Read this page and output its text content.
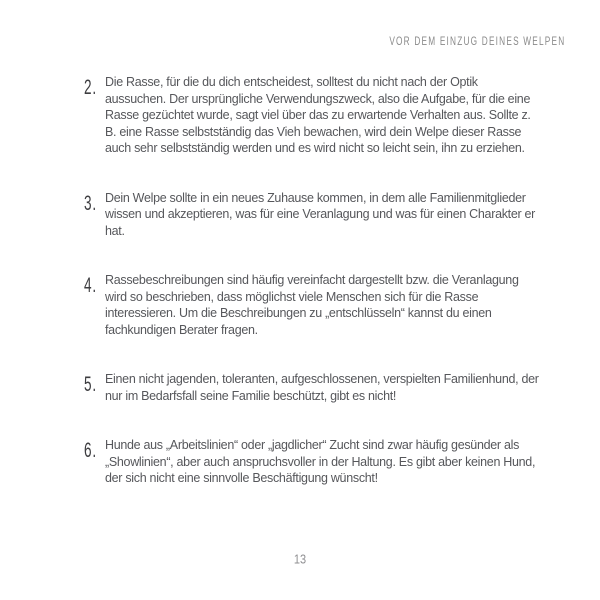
VOR DEM EINZUG DEINES WELPEN
2. Die Rasse, für die du dich entscheidest, solltest du nicht nach der Optik aussuchen. Der ursprüngliche Verwendungszweck, also die Aufgabe, für die eine Rasse gezüchtet wurde, sagt viel über das zu erwartende Verhalten aus. Sollte z. B. eine Rasse selbstständig das Vieh bewachen, wird dein Welpe dieser Rasse auch sehr selbstständig werden und es wird nicht so leicht sein, ihn zu erziehen.
3. Dein Welpe sollte in ein neues Zuhause kommen, in dem alle Familienmitglieder wissen und akzeptieren, was für eine Veranlagung und was für einen Charakter er hat.
4. Rassebeschreibungen sind häufig vereinfacht dargestellt bzw. die Veranlagung wird so beschrieben, dass möglichst viele Menschen sich für die Rasse interessieren. Um die Beschreibungen zu „entschlüsseln“ kannst du einen fachkundigen Berater fragen.
5. Einen nicht jagenden, toleranten, aufgeschlossenen, verspielten Familienhund, der nur im Bedarfsfall seine Familie beschützt, gibt es nicht!
6. Hunde aus „Arbeitslinien“ oder „jagdlicher“ Zucht sind zwar häufig gesünder als „Showlinien“, aber auch anspruchsvoller in der Haltung. Es gibt aber keinen Hund, der sich nicht eine sinnvolle Beschäftigung wünscht!
13
